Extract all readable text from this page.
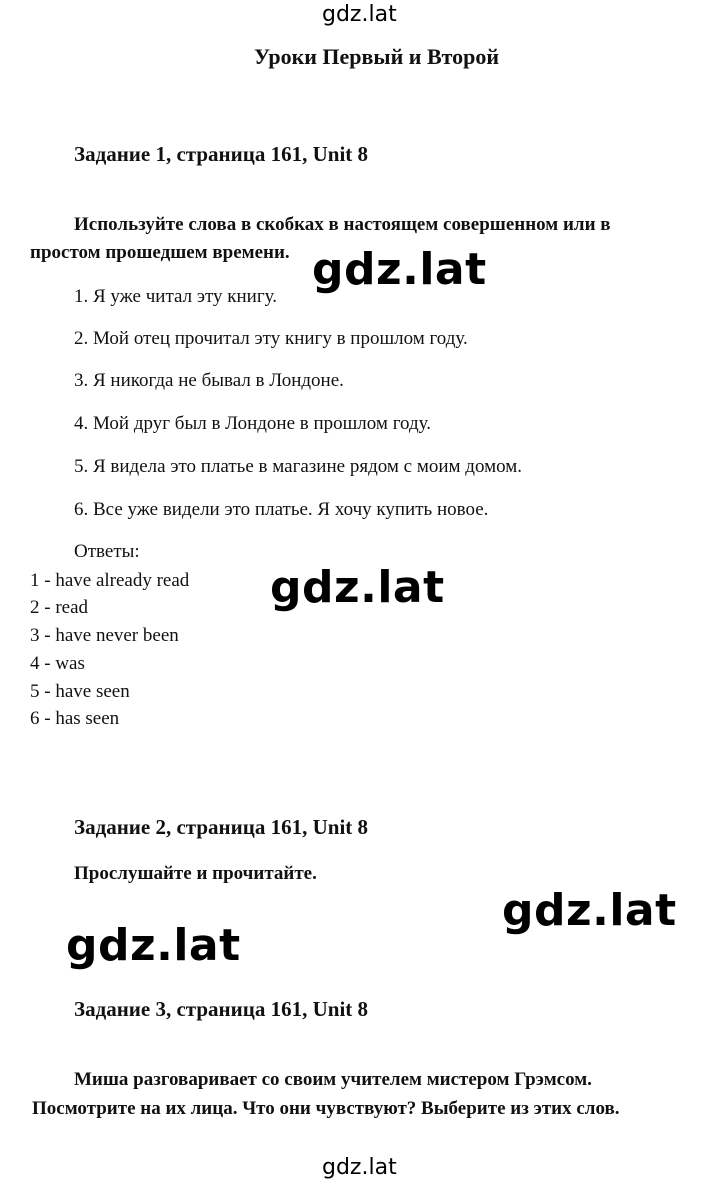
gdz.lat
Уроки Первый и Второй
Задание 1, страница 161, Unit 8
Используйте слова в скобках в настоящем совершенном или в
простом прошедшем времени. gdz.lat
1. Я уже читал эту книгу.
2. Мой отец прочитал эту книгу в прошлом году.
3. Я никогда не бывал в Лондоне.
4. Мой друг был в Лондоне в прошлом году.
5. Я видела это платье в магазине рядом с моим домом.
6. Все уже видели это платье. Я хочу купить новое.
Ответы:
1 - have already read
2 - read
3 - have never been
4 - was
5 - have seen
6 - has seen
gdz.lat
Задание 2, страница 161, Unit 8
Прослушайте и прочитайте.
gdz.lat
gdz.lat
Задание 3, страница 161, Unit 8
Миша разговаривает со своим учителем мистером Грэмсом.
Посмотрите на их лица. Что они чувствуют? Выберите из этих слов.
gdz.lat
